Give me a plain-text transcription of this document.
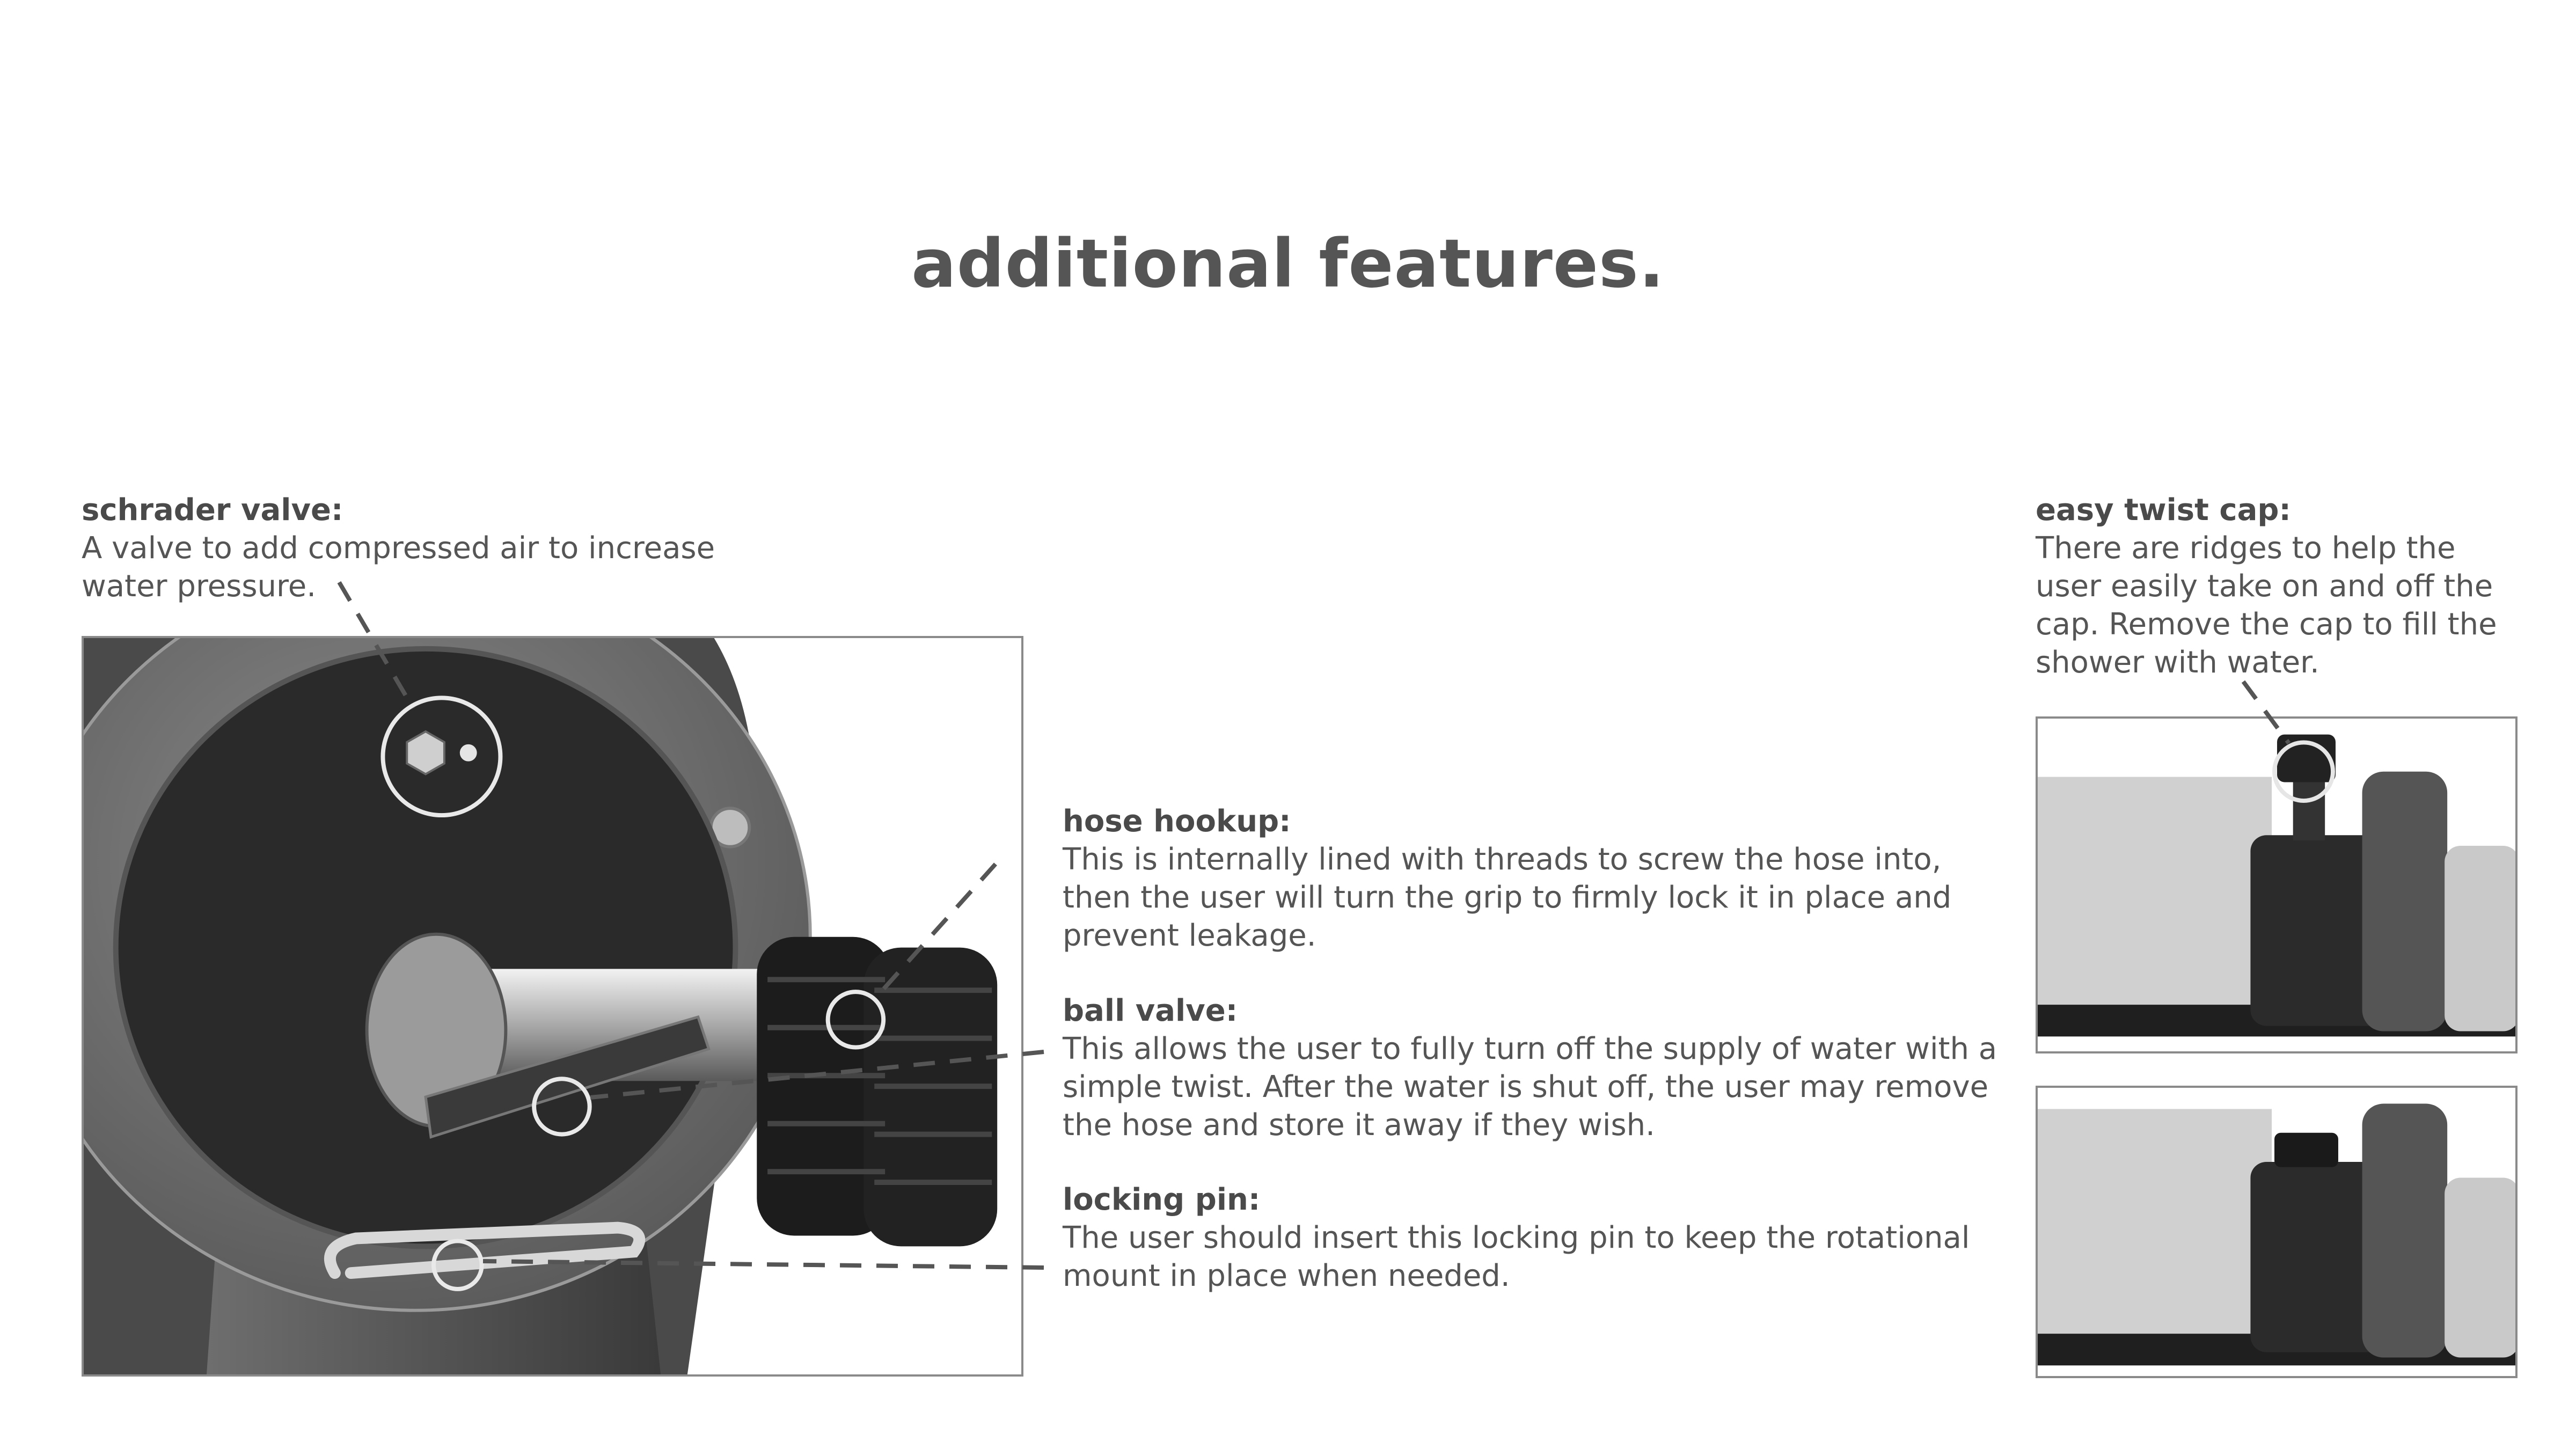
additional features.
schrader valve:
A valve to add compressed air to increase
water pressure.
hose hookup:
This is internally lined with threads to screw the hose into,
then the user will turn the grip to firmly lock it in place and
prevent leakage.
ball valve:
This allows the user to fully turn off the supply of water with a
simple twist. After the water is shut off, the user may remove
the hose and store it away if they wish.
locking pin:
The user should insert this locking pin to keep the rotational
mount in place when needed.
easy twist cap:
There are ridges to help the
user easily take on and off the
cap. Remove the cap to fill the
shower with water.
